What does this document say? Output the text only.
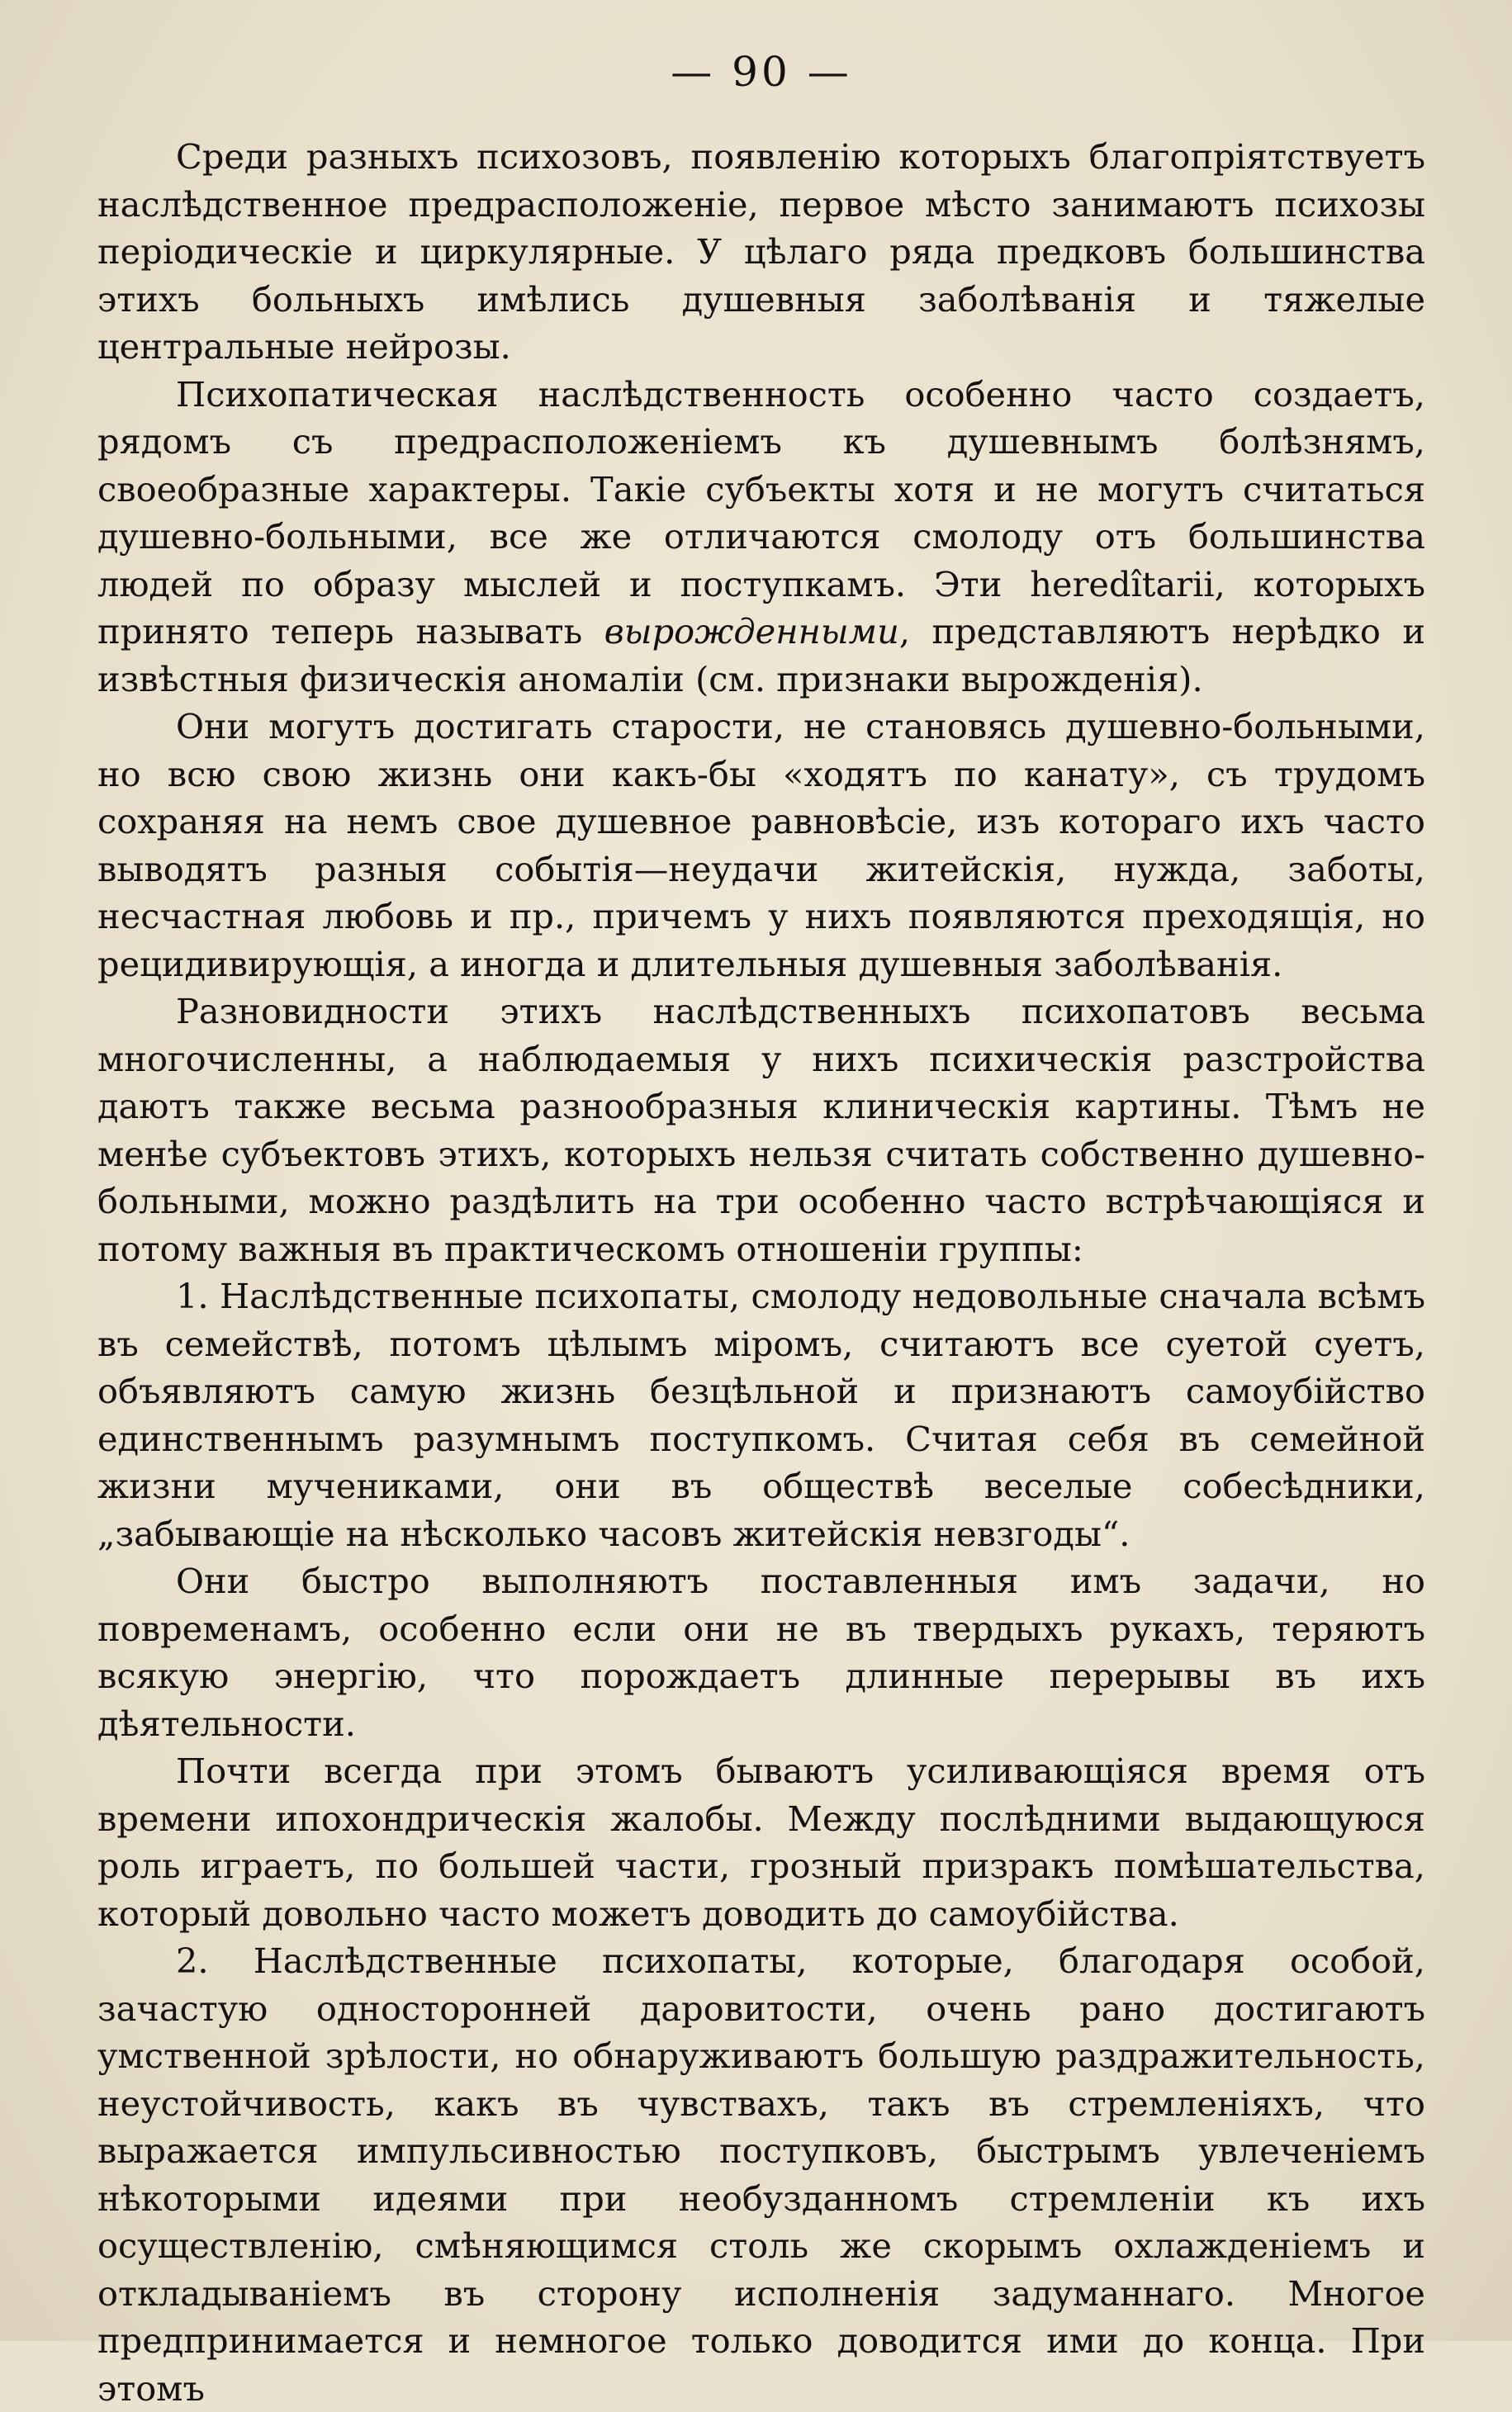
— 90 —

Среди разныхъ психозовъ, появленію которыхъ благопріятствуетъ наслѣдственное предрасположеніе, первое мѣсто занимаютъ психозы періодическіе и циркулярные. У цѣлаго ряда предковъ большинства этихъ больныхъ имѣлись душевныя заболѣванія и тяжелые центральные нейрозы.

Психопатическая наслѣдственность особенно часто создаетъ, рядомъ съ предрасположеніемъ къ душевнымъ болѣзнямъ, своеобразные характеры. Такіе субъекты хотя и не могутъ считаться душевно-больными, все же отличаются смолоду отъ большинства людей по образу мыслей и поступкамъ. Эти heredîtarii, которыхъ принято теперь называть вырожденными, представляютъ нерѣдко и извѣстныя физическія аномаліи (см. признаки вырожденія).

Они могутъ достигать старости, не становясь душевно-больными, но всю свою жизнь они какъ-бы «ходятъ по канату», съ трудомъ сохраняя на немъ свое душевное равновѣсіе, изъ котораго ихъ часто выводятъ разныя событія—неудачи житейскія, нужда, заботы, несчастная любовь и пр., причемъ у нихъ появляются преходящія, но рецидивирующія, а иногда и длительныя душевныя заболѣванія.

Разновидности этихъ наслѣдственныхъ психопатовъ весьма многочисленны, а наблюдаемыя у нихъ психическія разстройства даютъ также весьма разнообразныя клиническія картины. Тѣмъ не менѣе субъектовъ этихъ, которыхъ нельзя считать собственно душевно-больными, можно раздѣлить на три особенно часто встрѣчающіяся и потому важныя въ практическомъ отношеніи группы:

1. Наслѣдственные психопаты, смолоду недовольные сначала всѣмъ въ семействѣ, потомъ цѣлымъ міромъ, считаютъ все суетой суетъ, объявляютъ самую жизнь безцѣльной и признаютъ самоубійство единственнымъ разумнымъ поступкомъ. Считая себя въ семейной жизни мучениками, они въ обществѣ веселые собесѣдники, „забывающіе на нѣсколько часовъ житейскія невзгоды“.

Они быстро выполняютъ поставленныя имъ задачи, но повременамъ, особенно если они не въ твердыхъ рукахъ, теряютъ всякую энергію, что порождаетъ длинные перерывы въ ихъ дѣятельности.

Почти всегда при этомъ бываютъ усиливающіяся время отъ времени ипохондрическія жалобы. Между послѣдними выдающуюся роль играетъ, по большей части, грозный призракъ помѣшательства, который довольно часто можетъ доводить до самоубійства.

2. Наслѣдственные психопаты, которые, благодаря особой, зачастую односторонней даровитости, очень рано достигаютъ умственной зрѣлости, но обнаруживаютъ большую раздражительность, неустойчивость, какъ въ чувствахъ, такъ въ стремленіяхъ, что выражается импульсивностью поступковъ, быстрымъ увлеченіемъ нѣкоторыми идеями при необузданномъ стремленіи къ ихъ осуществленію, смѣняющимся столь же скорымъ охлажденіемъ и откладываніемъ въ сторону исполненія задуманнаго. Многое предпринимается и немногое только доводится ими до конца. При этомъ
